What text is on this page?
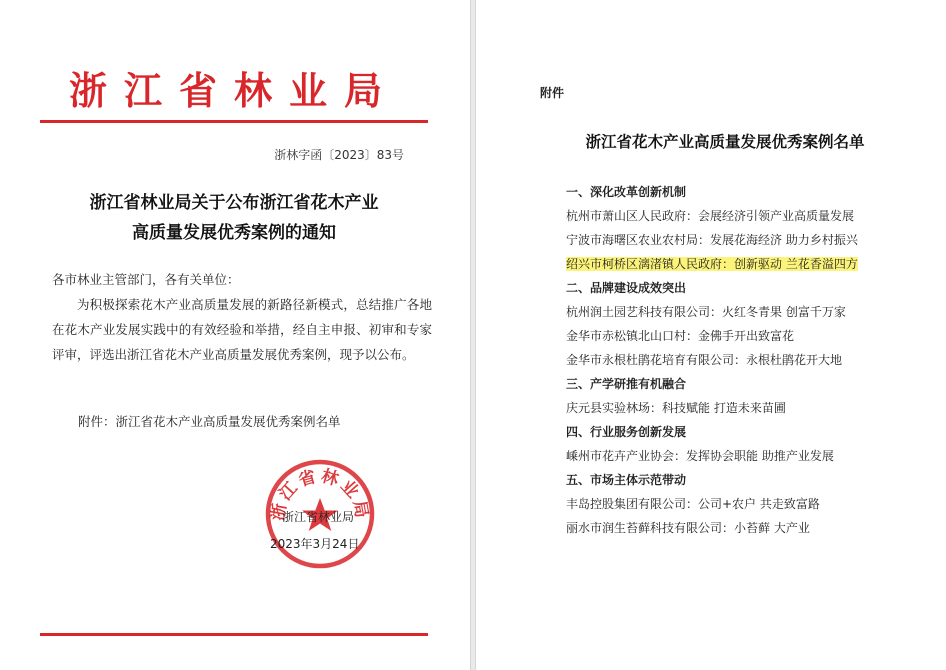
浙江省林业局
浙林字函〔2023〕83号
浙江省林业局关于公布浙江省花木产业
高质量发展优秀案例的通知
各市林业主管部门，各有关单位：
为积极探索花木产业高质量发展的新路径新模式，总结推广各地在花木产业发展实践中的有效经验和举措，经自主申报、初审和专家评审，评选出浙江省花木产业高质量发展优秀案例，现予以公布。
附件：浙江省花木产业高质量发展优秀案例名单
浙江省林业局
浙江省林业局
2023年3月24日
附件
浙江省花木产业高质量发展优秀案例名单
一、深化改革创新机制
杭州市萧山区人民政府：会展经济引领产业高质量发展
宁波市海曙区农业农村局：发展花海经济 助力乡村振兴
绍兴市柯桥区漓渚镇人民政府：创新驱动 兰花香溢四方
二、品牌建设成效突出
杭州润土园艺科技有限公司：火红冬青果 创富千万家
金华市赤松镇北山口村：金佛手开出致富花
金华市永根杜鹃花培育有限公司：永根杜鹃花开大地
三、产学研推有机融合
庆元县实验林场：科技赋能 打造未来苗圃
四、行业服务创新发展
嵊州市花卉产业协会：发挥协会职能 助推产业发展
五、市场主体示范带动
丰岛控股集团有限公司：公司+农户 共走致富路
丽水市润生苔藓科技有限公司：小苔藓 大产业
